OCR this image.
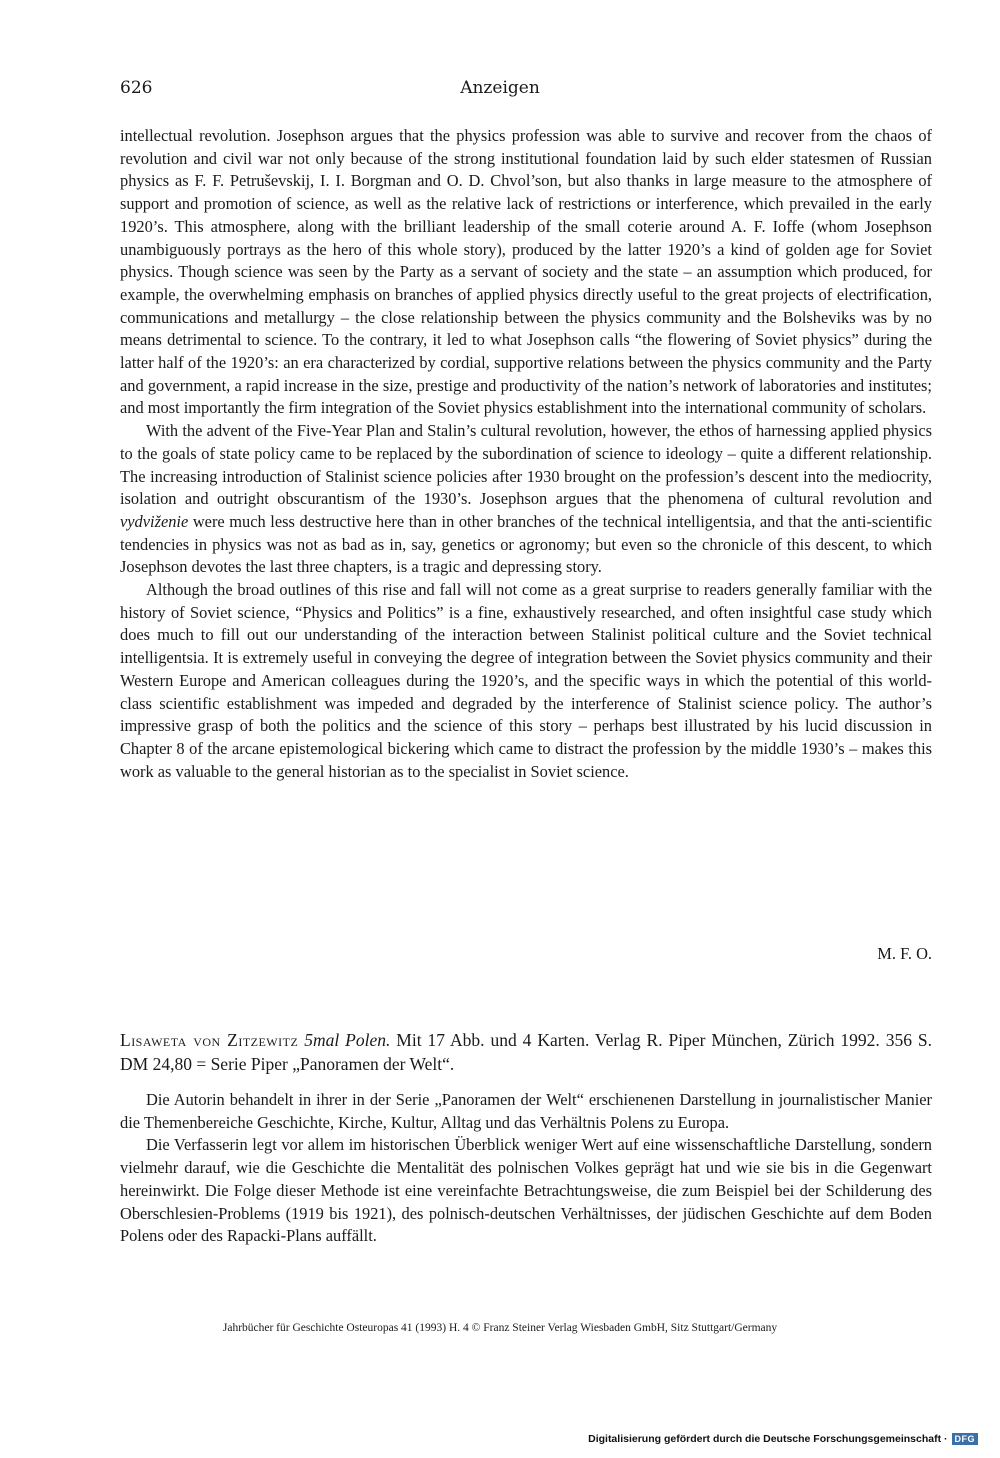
626	Anzeigen

intellectual revolution. Josephson argues that the physics profession was able to survive and recover from the chaos of revolution and civil war not only because of the strong institutional foundation laid by such elder statesmen of Russian physics as F. F. Petruševskij, I. I. Borgman and O. D. Chvol’son, but also thanks in large measure to the atmosphere of support and promotion of science, as well as the relative lack of restrictions or interference, which prevailed in the early 1920’s. This atmosphere, along with the brilliant leadership of the small coterie around A. F. Ioffe (whom Josephson unambiguously portrays as the hero of this whole story), produced by the latter 1920’s a kind of golden age for Soviet physics. Though science was seen by the Party as a servant of society and the state – an assumption which produced, for example, the overwhelming emphasis on branches of applied physics directly useful to the great projects of electrification, communications and metallurgy – the close relationship between the physics community and the Bolsheviks was by no means detrimental to science. To the contrary, it led to what Josephson calls “the flowering of Soviet physics” during the latter half of the 1920’s: an era characterized by cordial, supportive relations between the physics community and the Party and government, a rapid increase in the size, prestige and productivity of the nation’s network of laboratories and institutes; and most importantly the firm integration of the Soviet physics establishment into the international community of scholars.

With the advent of the Five-Year Plan and Stalin’s cultural revolution, however, the ethos of harnessing applied physics to the goals of state policy came to be replaced by the subordination of science to ideology – quite a different relationship. The increasing introduction of Stalinist science policies after 1930 brought on the profession’s descent into the mediocrity, isolation and outright obscurantism of the 1930’s. Josephson argues that the phenomena of cultural revolution and vydviženie were much less destructive here than in other branches of the technical intelligentsia, and that the anti-scientific tendencies in physics was not as bad as in, say, genetics or agronomy; but even so the chronicle of this descent, to which Josephson devotes the last three chapters, is a tragic and depressing story.

Although the broad outlines of this rise and fall will not come as a great surprise to readers generally familiar with the history of Soviet science, “Physics and Politics” is a fine, exhaustively researched, and often insightful case study which does much to fill out our understanding of the interaction between Stalinist political culture and the Soviet technical intelligentsia. It is extremely useful in conveying the degree of integration between the Soviet physics community and their Western Europe and American colleagues during the 1920’s, and the specific ways in which the potential of this world-class scientific establishment was impeded and degraded by the interference of Stalinist science policy. The author’s impressive grasp of both the politics and the science of this story – perhaps best illustrated by his lucid discussion in Chapter 8 of the arcane epistemological bickering which came to distract the profession by the middle 1930’s – makes this work as valuable to the general historian as to the specialist in Soviet science.

M. F. O.
Lisaweta von Zitzewitz 5mal Polen. Mit 17 Abb. und 4 Karten. Verlag R. Piper München, Zürich 1992. 356 S. DM 24,80 = Serie Piper „Panoramen der Welt“.

Die Autorin behandelt in ihrer in der Serie „Panoramen der Welt“ erschienenen Darstellung in journalistischer Manier die Themenbereiche Geschichte, Kirche, Kultur, Alltag und das Verhältnis Polens zu Europa.

Die Verfasserin legt vor allem im historischen Überblick weniger Wert auf eine wissenschaftliche Darstellung, sondern vielmehr darauf, wie die Geschichte die Mentalität des polnischen Volkes geprägt hat und wie sie bis in die Gegenwart hereinwirkt. Die Folge dieser Methode ist eine vereinfachte Betrachtungsweise, die zum Beispiel bei der Schilderung des Oberschlesien-Problems (1919 bis 1921), des polnisch-deutschen Verhältnisses, der jüdischen Geschichte auf dem Boden Polens oder des Rapacki-Plans auffällt.

Jahrbücher für Geschichte Osteuropas 41 (1993) H. 4 © Franz Steiner Verlag Wiesbaden GmbH, Sitz Stuttgart/Germany
Digitalisierung gefördert durch die Deutsche Forschungsgemeinschaft · DFG
